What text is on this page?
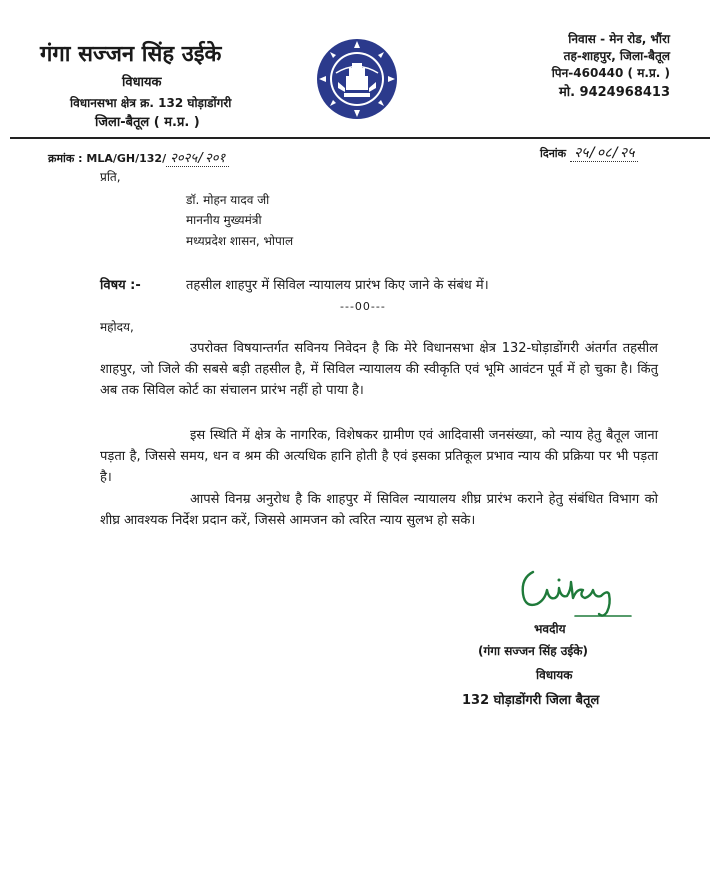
गंगा सज्जन सिंह उईके
विधायक
विधानसभा क्षेत्र क्र. 132 घोड़ाडोंगरी
जिला-बैतूल ( म.प्र. )
निवास - मेन रोड, भौंरा
तह-शाहपुर, जिला-बैतूल
पिन-460440 ( म.प्र. )
मो. 9424968413
क्रमांक : MLA/GH/132/ २०२५/२०१	दिनांक २५/०८/२५
प्रति,
डॉ. मोहन यादव जी
माननीय मुख्यमंत्री
मध्यप्रदेश शासन, भोपाल
विषय :-	तहसील शाहपुर में सिविल न्यायालय प्रारंभ किए जाने के संबंध में।
---00---
महोदय,

उपरोक्त विषयान्तर्गत सविनय निवेदन है कि मेरे विधानसभा क्षेत्र 132-घोड़ाडोंगरी अंतर्गत तहसील शाहपुर, जो जिले की सबसे बड़ी तहसील है, में सिविल न्यायालय की स्वीकृति एवं भूमि आवंटन पूर्व में हो चुका है। किंतु अब तक सिविल कोर्ट का संचालन प्रारंभ नहीं हो पाया है।

इस स्थिति में क्षेत्र के नागरिक, विशेषकर ग्रामीण एवं आदिवासी जनसंख्या, को न्याय हेतु बैतूल जाना पड़ता है, जिससे समय, धन व श्रम की अत्यधिक हानि होती है एवं इसका प्रतिकूल प्रभाव न्याय की प्रक्रिया पर भी पड़ता है।

आपसे विनम्र अनुरोध है कि शाहपुर में सिविल न्यायालय शीघ्र प्रारंभ कराने हेतु संबंधित विभाग को शीघ्र आवश्यक निर्देश प्रदान करें, जिससे आमजन को त्वरित न्याय सुलभ हो सके।

भवदीय
(गंगा सज्जन सिंह उईके)
विधायक
132 घोड़ाडोंगरी जिला बैतूल
